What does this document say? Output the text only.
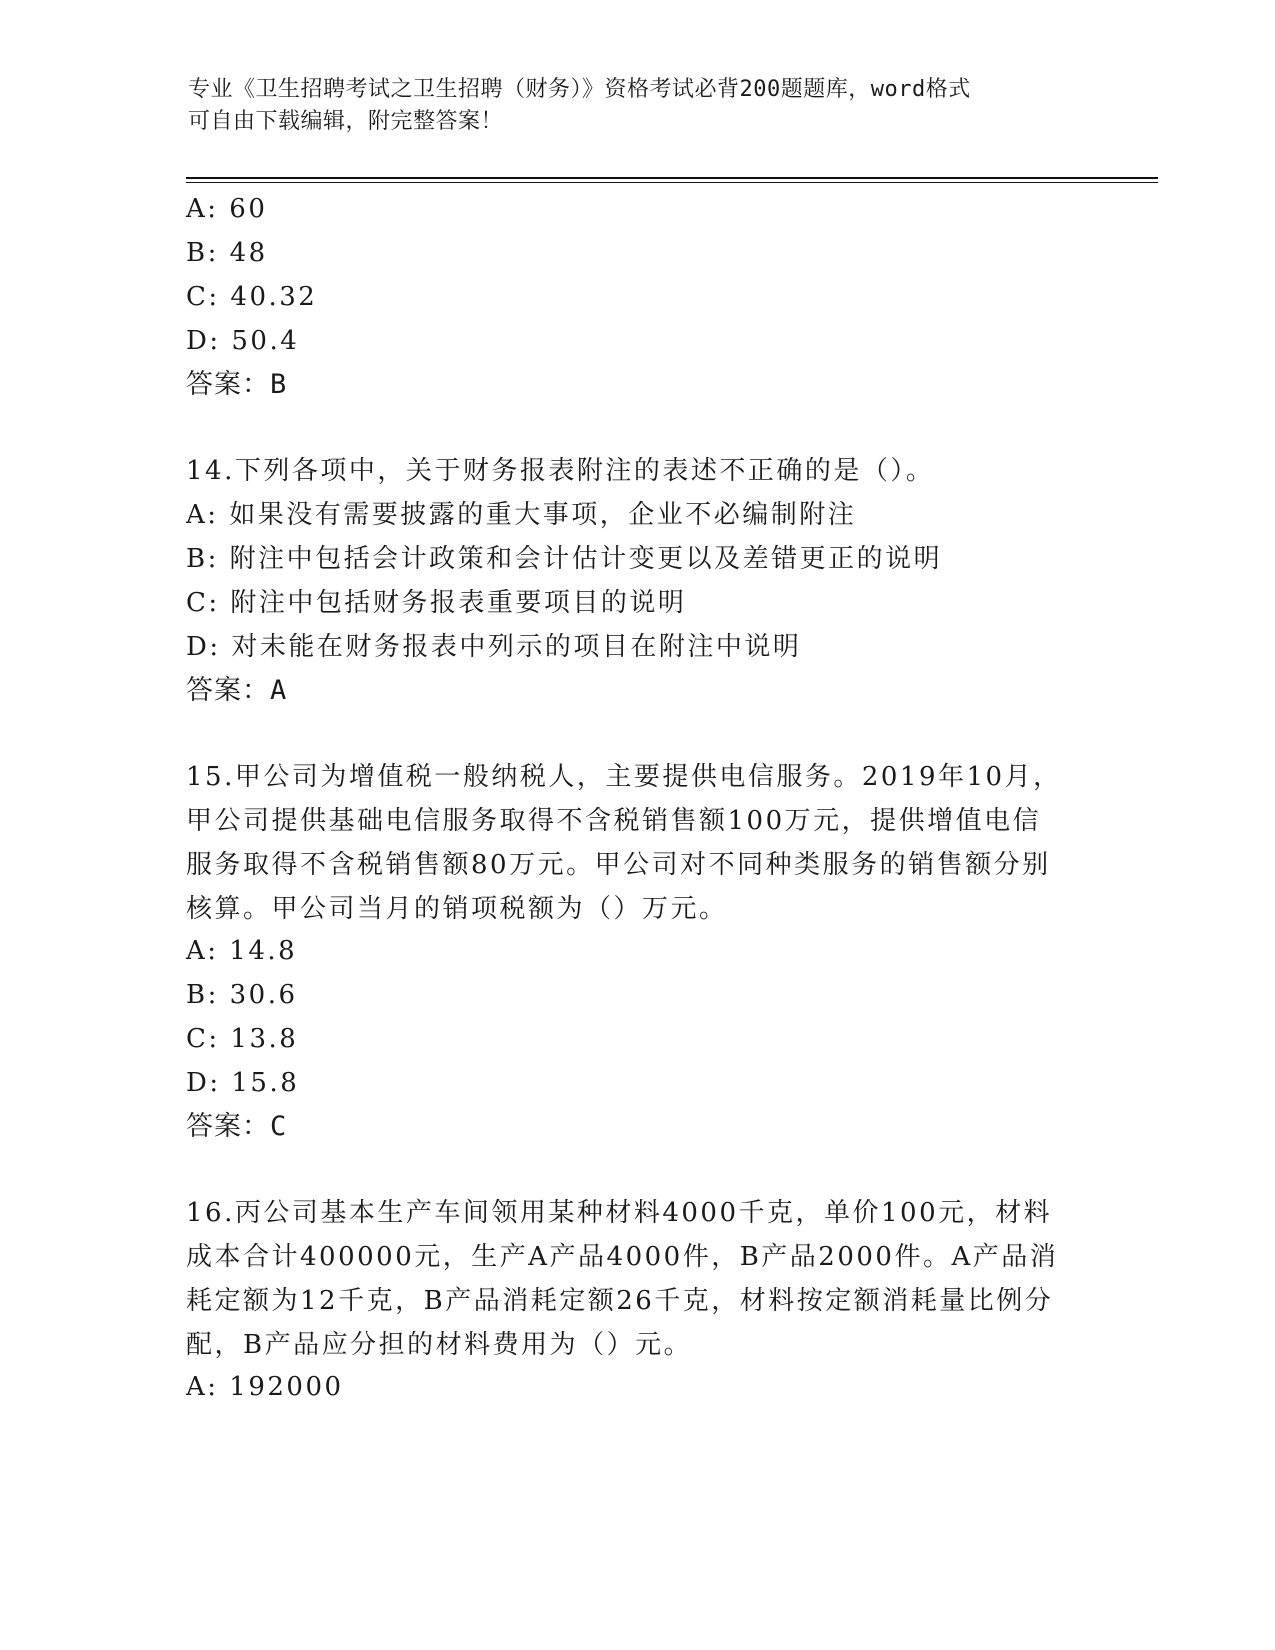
专业《卫生招聘考试之卫生招聘（财务）》资格考试必背200题题库，word格式
可自由下载编辑，附完整答案！
A: 60
B: 48
C: 40.32
D: 50.4
答案：B
14.下列各项中，关于财务报表附注的表述不正确的是（）。
A: 如果没有需要披露的重大事项，企业不必编制附注
B: 附注中包括会计政策和会计估计变更以及差错更正的说明
C: 附注中包括财务报表重要项目的说明
D: 对未能在财务报表中列示的项目在附注中说明
答案：A
15.甲公司为增值税一般纳税人，主要提供电信服务。2019年10月，
甲公司提供基础电信服务取得不含税销售额100万元，提供增值电信
服务取得不含税销售额80万元。甲公司对不同种类服务的销售额分别
核算。甲公司当月的销项税额为（）万元。
A: 14.8
B: 30.6
C: 13.8
D: 15.8
答案：C
16.丙公司基本生产车间领用某种材料4000千克，单价100元，材料
成本合计400000元，生产A产品4000件，B产品2000件。A产品消
耗定额为12千克，B产品消耗定额26千克，材料按定额消耗量比例分
配，B产品应分担的材料费用为（）元。
A: 192000
